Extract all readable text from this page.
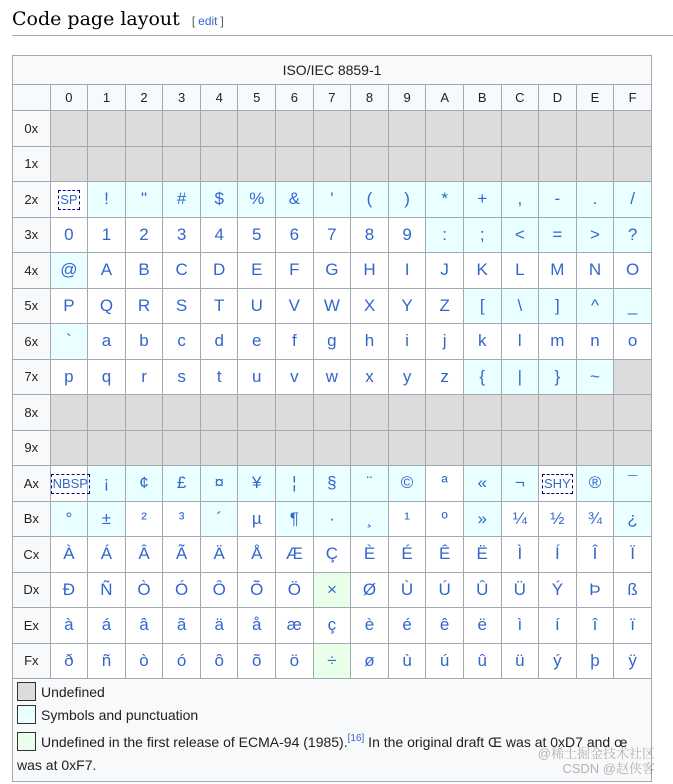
Code page layout [ edit ]
ISO/IEC 8859-1																
	0	1	2	3	4	5	6	7	8	9	A	B	C	D	E	F
0x																
1x																
2x	SP	!	"	#	$	%	&	'	(	)	*	+	,	-	.	/
3x	0	1	2	3	4	5	6	7	8	9	:	;	<	=	>	?
4x	@	A	B	C	D	E	F	G	H	I	J	K	L	M	N	O
5x	P	Q	R	S	T	U	V	W	X	Y	Z	[	\	]	^	_
6x	`	a	b	c	d	e	f	g	h	i	j	k	l	m	n	o
7x	p	q	r	s	t	u	v	w	x	y	z	{	|	}	~	
8x																
9x																
Ax	NBSP	¡	¢	£	¤	¥	¦	§	¨	©	ª	«	¬	SHY	®	¯
Bx	°	±	²	³	´	µ	¶	·	¸	¹	º	»	¼	½	¾	¿
Cx	À	Á	Â	Ã	Ä	Å	Æ	Ç	È	É	Ê	Ë	Ì	Í	Î	Ï
Dx	Ð	Ñ	Ò	Ó	Ô	Õ	Ö	×	Ø	Ù	Ú	Û	Ü	Ý	Þ	ß
Ex	à	á	â	ã	ä	å	æ	ç	è	é	ê	ë	ì	í	î	ï
Fx	ð	ñ	ò	ó	ô	õ	ö	÷	ø	ù	ú	û	ü	ý	þ	ÿ

Undefined
Symbols and punctuation
Undefined in the first release of ECMA-94 (1985).[16] In the original draft Œ was at 0xD7 and œ was at 0xF7.																
@稀土掘金技术社区
CSDN @赵侠客
